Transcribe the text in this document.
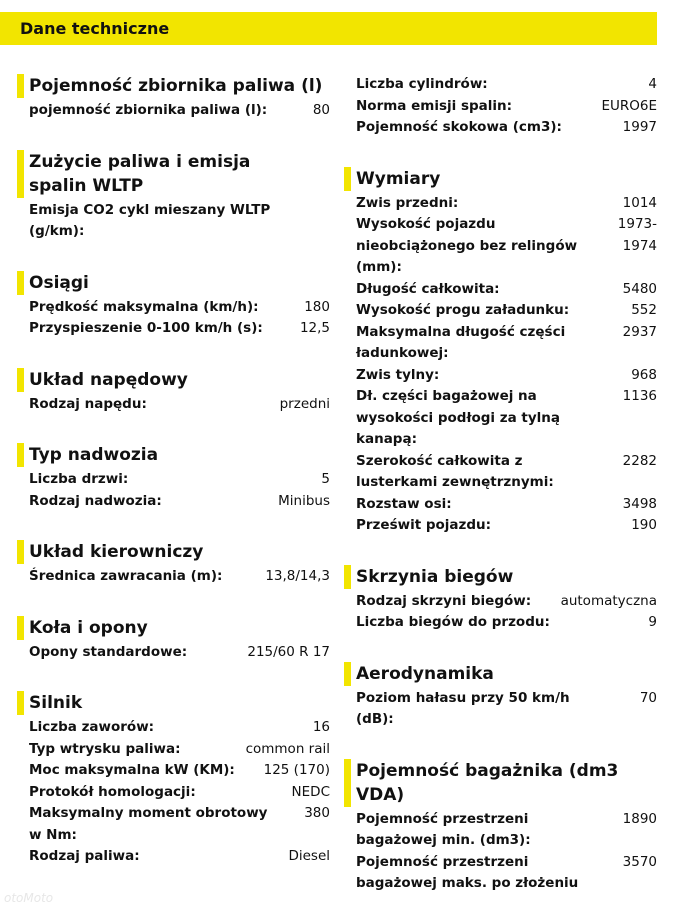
Dane techniczne
Pojemność zbiornika paliwa (l)
pojemność zbiornika paliwa (l):	80
Zużycie paliwa i emisja spalin WLTP
Emisja CO2 cykl mieszany WLTP (g/km):
Osiągi
Prędkość maksymalna (km/h):	180
Przyspieszenie 0-100 km/h (s):	12,5
Układ napędowy
Rodzaj napędu:	przedni
Typ nadwozia
Liczba drzwi:	5
Rodzaj nadwozia:	Minibus
Układ kierowniczy
Średnica zawracania (m):	13,8/14,3
Koła i opony
Opony standardowe:	215/60 R 17
Silnik
Liczba zaworów:	16
Typ wtrysku paliwa:	common rail
Moc maksymalna kW (KM):	125 (170)
Protokół homologacji:	NEDC
Maksymalny moment obrotowy w Nm:
380
Rodzaj paliwa:	Diesel
Liczba cylindrów:	4
Norma emisji spalin:	EURO6E
Pojemność skokowa (cm3):	1997
Wymiary
Zwis przedni:	1014
Wysokość pojazdu nieobciążonego bez relingów (mm):
1973-1974
Długość całkowita:	5480
Wysokość progu załadunku:	552
Maksymalna długość części ładunkowej:
2937
Zwis tylny:	968
Dł. części bagażowej na wysokości podłogi za tylną kanapą:
1136
Szerokość całkowita z lusterkami zewnętrznymi:
2282
Rozstaw osi:	3498
Prześwit pojazdu:	190
Skrzynia biegów
Rodzaj skrzyni biegów:	automatyczna
Liczba biegów do przodu:	9
Aerodynamika
Poziom hałasu przy 50 km/h (dB):
70
Pojemność bagażnika (dm3 VDA)
Pojemność przestrzeni bagażowej min. (dm3):
1890
Pojemność przestrzeni bagażowej maks. po złożeniu
3570
otoMoto
